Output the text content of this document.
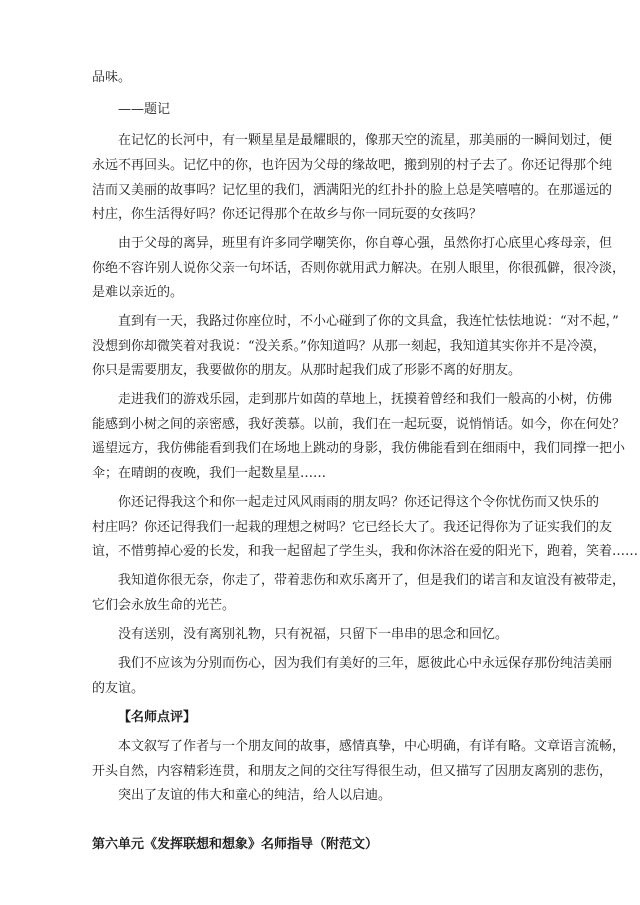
品味。
——题记
在记忆的长河中，有一颗星星是最耀眼的，像那天空的流星，那美丽的一瞬间划过，便
永远不再回头。记忆中的你，也许因为父母的缘故吧，搬到别的村子去了。你还记得那个纯
洁而又美丽的故事吗？记忆里的我们，洒满阳光的红扑扑的脸上总是笑嘻嘻的。在那遥远的
村庄，你生活得好吗？你还记得那个在故乡与你一同玩耍的女孩吗？
由于父母的离异，班里有许多同学嘲笑你，你自尊心强，虽然你打心底里心疼母亲，但
你绝不容许别人说你父亲一句坏话，否则你就用武力解决。在别人眼里，你很孤僻，很冷淡，
是难以亲近的。
直到有一天，我路过你座位时，不小心碰到了你的文具盒，我连忙怯怯地说：“对不起，”
没想到你却微笑着对我说：“没关系。”你知道吗？从那一刻起，我知道其实你并不是冷漠，
你只是需要朋友，我要做你的朋友。从那时起我们成了形影不离的好朋友。
走进我们的游戏乐园，走到那片如茵的草地上，抚摸着曾经和我们一般高的小树，仿佛
能感到小树之间的亲密感，我好羡慕。以前，我们在一起玩耍，说悄悄话。如今，你在何处？
遥望远方，我仿佛能看到我们在场地上跳动的身影，我仿佛能看到在细雨中，我们同撑一把小
伞；在晴朗的夜晚，我们一起数星星……
你还记得我这个和你一起走过风风雨雨的朋友吗？你还记得这个令你忧伤而又快乐的
村庄吗？你还记得我们一起栽的理想之树吗？它已经长大了。我还记得你为了证实我们的友
谊，不惜剪掉心爱的长发，和我一起留起了学生头，我和你沐浴在爱的阳光下，跑着，笑着……
我知道你很无奈，你走了，带着悲伤和欢乐离开了，但是我们的诺言和友谊没有被带走，
它们会永放生命的光芒。
没有送别，没有离别礼物，只有祝福，只留下一串串的思念和回忆。
我们不应该为分别而伤心，因为我们有美好的三年，愿彼此心中永远保存那份纯洁美丽
的友谊。
【名师点评】
本文叙写了作者与一个朋友间的故事，感情真挚，中心明确，有详有略。文章语言流畅，
开头自然，内容精彩连贯，和朋友之间的交往写得很生动，但又描写了因朋友离别的悲伤，
突出了友谊的伟大和童心的纯洁，给人以启迪。
第六单元《发挥联想和想象》名师指导（附范文）
